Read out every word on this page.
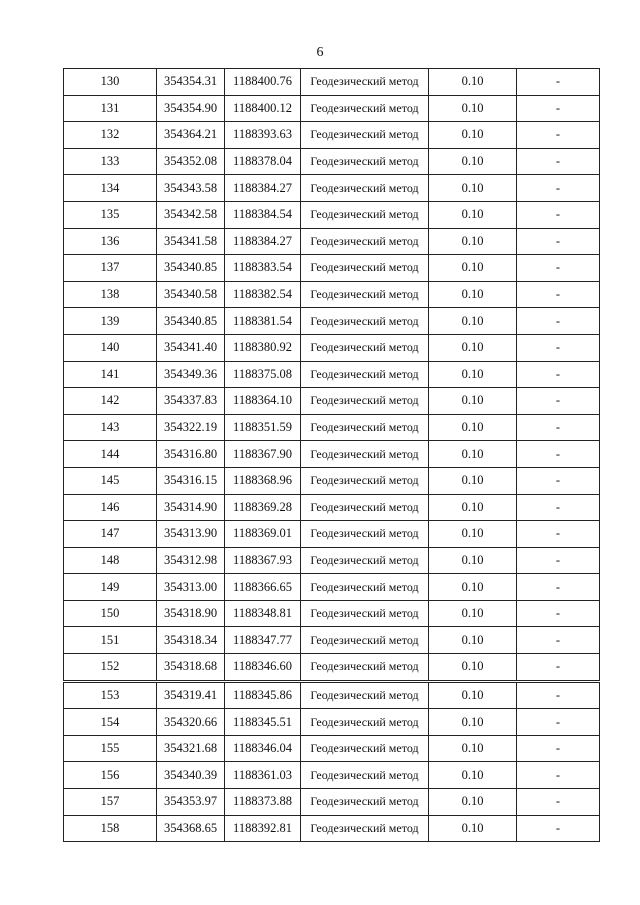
6
130	354354.31	1188400.76	Геодезический метод	0.10	-
131	354354.90	1188400.12	Геодезический метод	0.10	-
132	354364.21	1188393.63	Геодезический метод	0.10	-
133	354352.08	1188378.04	Геодезический метод	0.10	-
134	354343.58	1188384.27	Геодезический метод	0.10	-
135	354342.58	1188384.54	Геодезический метод	0.10	-
136	354341.58	1188384.27	Геодезический метод	0.10	-
137	354340.85	1188383.54	Геодезический метод	0.10	-
138	354340.58	1188382.54	Геодезический метод	0.10	-
139	354340.85	1188381.54	Геодезический метод	0.10	-
140	354341.40	1188380.92	Геодезический метод	0.10	-
141	354349.36	1188375.08	Геодезический метод	0.10	-
142	354337.83	1188364.10	Геодезический метод	0.10	-
143	354322.19	1188351.59	Геодезический метод	0.10	-
144	354316.80	1188367.90	Геодезический метод	0.10	-
145	354316.15	1188368.96	Геодезический метод	0.10	-
146	354314.90	1188369.28	Геодезический метод	0.10	-
147	354313.90	1188369.01	Геодезический метод	0.10	-
148	354312.98	1188367.93	Геодезический метод	0.10	-
149	354313.00	1188366.65	Геодезический метод	0.10	-
150	354318.90	1188348.81	Геодезический метод	0.10	-
151	354318.34	1188347.77	Геодезический метод	0.10	-
152	354318.68	1188346.60	Геодезический метод	0.10	-
153	354319.41	1188345.86	Геодезический метод	0.10	-
154	354320.66	1188345.51	Геодезический метод	0.10	-
155	354321.68	1188346.04	Геодезический метод	0.10	-
156	354340.39	1188361.03	Геодезический метод	0.10	-
157	354353.97	1188373.88	Геодезический метод	0.10	-
158	354368.65	1188392.81	Геодезический метод	0.10	-
